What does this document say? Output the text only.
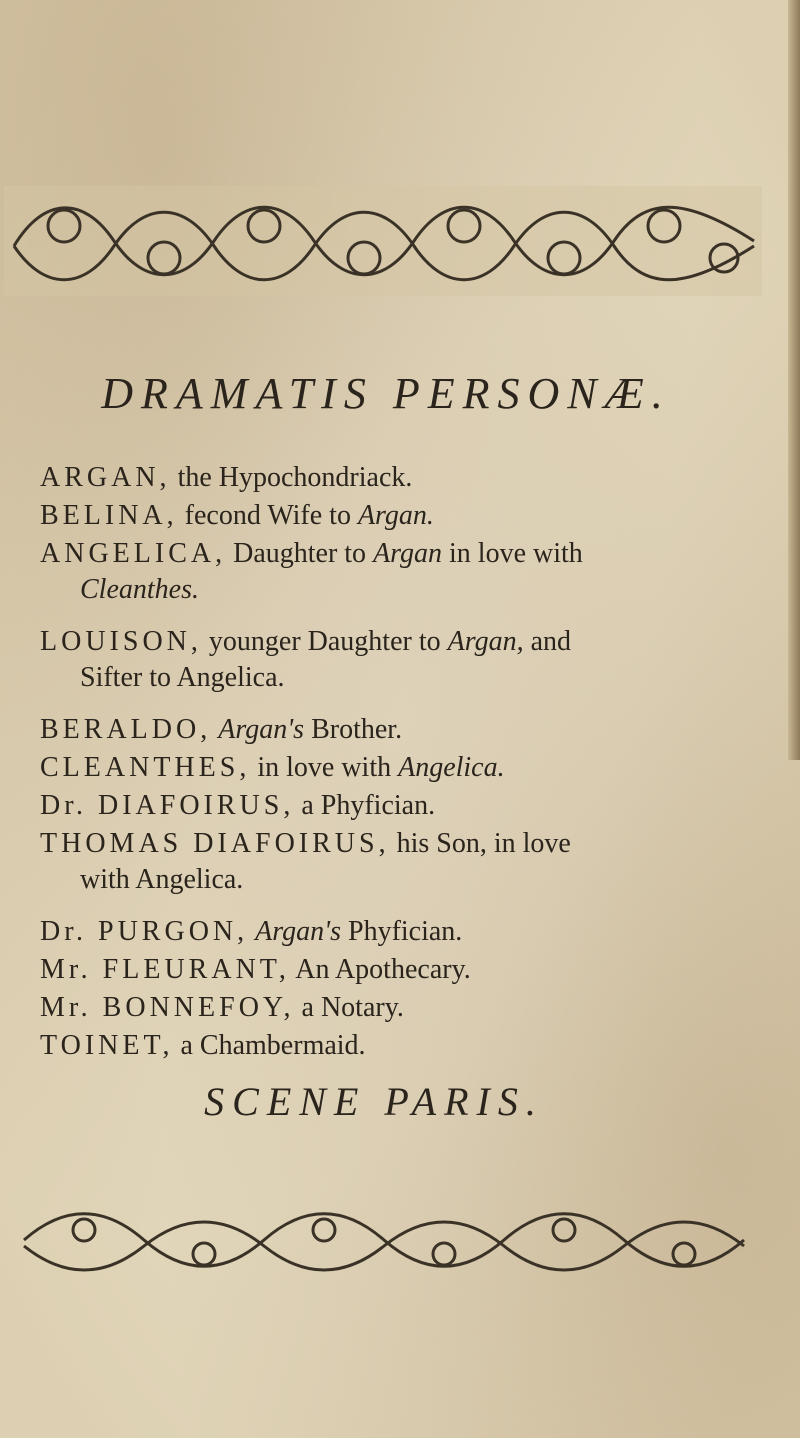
DRAMATIS PERSONÆ.
ARGAN, the Hypochondriack.
BELINA, fecond Wife to Argan.
ANGELICA, Daughter to Argan in love with
Cleanthes.
LOUISON, younger Daughter to Argan, and
Sifter to Angelica.
BERALDO, Argan's Brother.
CLEANTHES, in love with Angelica.
Dr. DIAFOIRUS, a Phyfician.
THOMAS DIAFOIRUS, his Son, in love
with Angelica.
Dr. PURGON, Argan's Phyfician.
Mr. FLEURANT, An Apothecary.
Mr. BONNEFOY, a Notary.
TOINET, a Chambermaid.
SCENE PARIS.
